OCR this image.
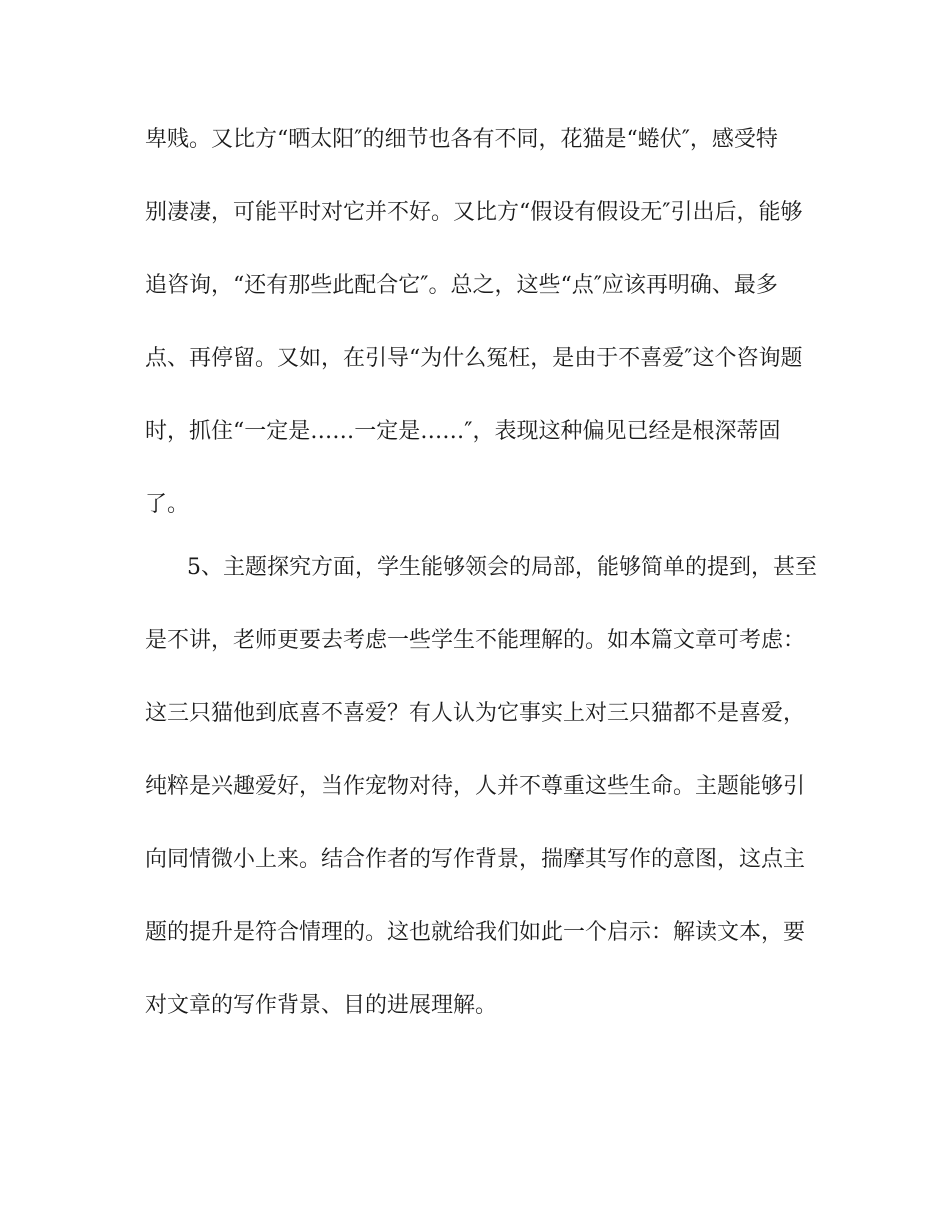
卑贱。又比方“晒太阳″的细节也各有不同，花猫是“蜷伏″，感受特
别凄凄，可能平时对它并不好。又比方“假设有假设无″引出后，能够
追咨询，“还有那些此配合它″。总之，这些“点″应该再明确、最多
点、再停留。又如，在引导“为什么冤枉，是由于不喜爱″这个咨询题
时，抓住“一定是……一定是……″，表现这种偏见已经是根深蒂固
了。
5、主题探究方面，学生能够领会的局部，能够简单的提到，甚至
是不讲，老师更要去考虑一些学生不能理解的。如本篇文章可考虑：
这三只猫他到底喜不喜爱？有人认为它事实上对三只猫都不是喜爱，
纯粹是兴趣爱好，当作宠物对待，人并不尊重这些生命。主题能够引
向同情微小上来。结合作者的写作背景，揣摩其写作的意图，这点主
题的提升是符合情理的。这也就给我们如此一个启示：解读文本，要
对文章的写作背景、目的进展理解。
